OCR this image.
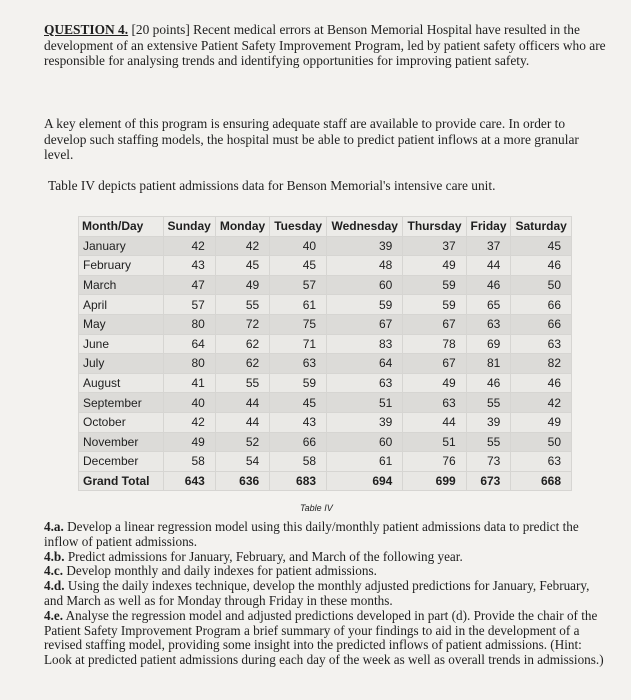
QUESTION 4. [20 points] Recent medical errors at Benson Memorial Hospital have resulted in the development of an extensive Patient Safety Improvement Program, led by patient safety officers who are responsible for analysing trends and identifying opportunities for improving patient safety.

A key element of this program is ensuring adequate staff are available to provide care. In order to develop such staffing models, the hospital must be able to predict patient inflows at a more granular level.

Table IV depicts patient admissions data for Benson Memorial's intensive care unit.

Month/Day	Sunday	Monday	Tuesday	Wednesday	Thursday	Friday	Saturday
January	42	42	40	39	37	37	45
February	43	45	45	48	49	44	46
March	47	49	57	60	59	46	50
April	57	55	61	59	59	65	66
May	80	72	75	67	67	63	66
June	64	62	71	83	78	69	63
July	80	62	63	64	67	81	82
August	41	55	59	63	49	46	46
September	40	44	45	51	63	55	42
October	42	44	43	39	44	39	49
November	49	52	66	60	51	55	50
December	58	54	58	61	76	73	63
Grand Total	643	636	683	694	699	673	668
Table IV

4.a. Develop a linear regression model using this daily/monthly patient admissions data to predict the inflow of patient admissions.

4.b. Predict admissions for January, February, and March of the following year.

4.c. Develop monthly and daily indexes for patient admissions.

4.d. Using the daily indexes technique, develop the monthly adjusted predictions for January, February, and March as well as for Monday through Friday in these months.

4.e. Analyse the regression model and adjusted predictions developed in part (d). Provide the chair of the Patient Safety Improvement Program a brief summary of your findings to aid in the development of a revised staffing model, providing some insight into the predicted inflows of patient admissions. (Hint: Look at predicted patient admissions during each day of the week as well as overall trends in admissions.)
